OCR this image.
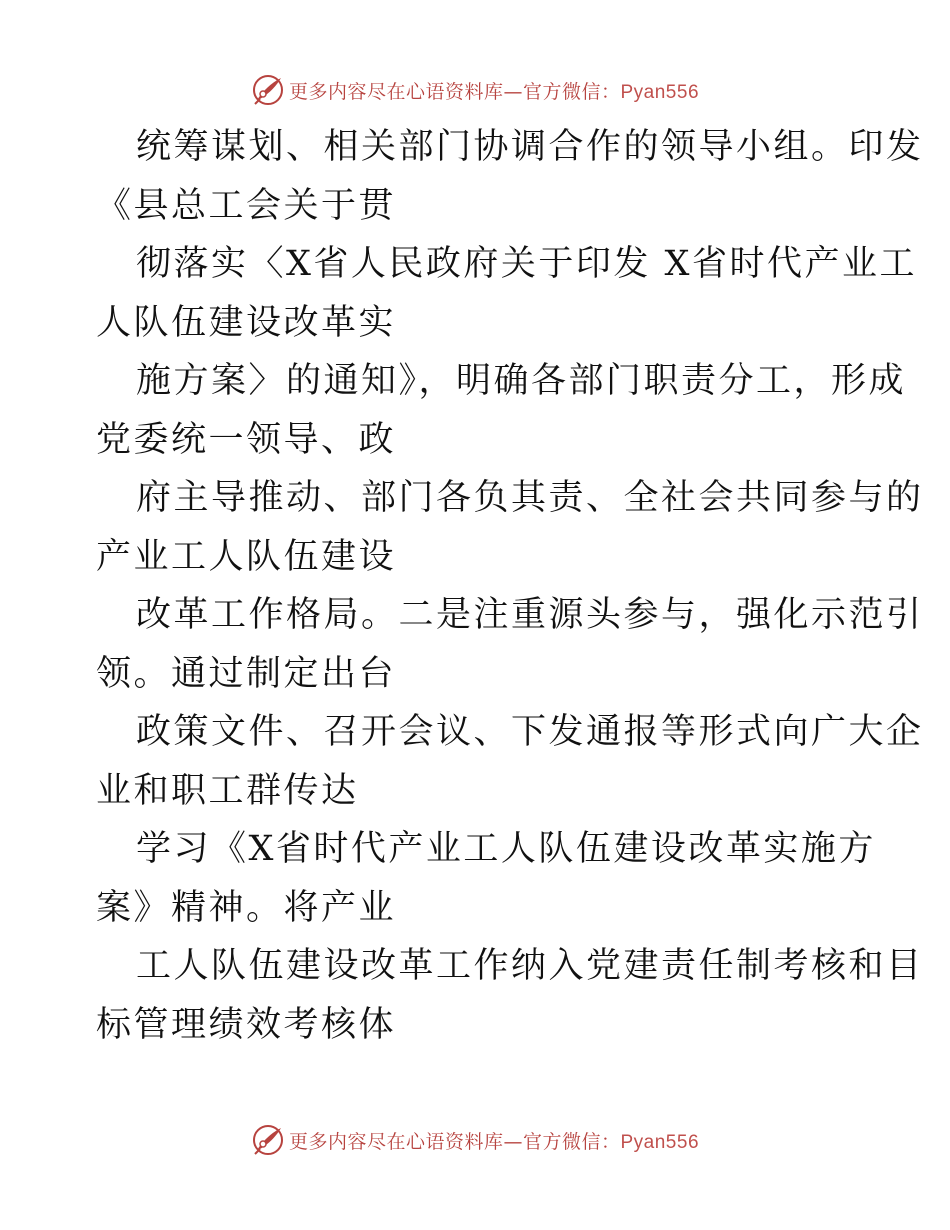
更多内容尽在心语资料库—官方微信：Pyan556
统筹谋划、相关部门协调合作的领导小组。印发
《县总工会关于贯
彻落实〈X省人民政府关于印发 X省时代产业工
人队伍建设改革实
施方案〉的通知》，明确各部门职责分工，形成
党委统一领导、政
府主导推动、部门各负其责、全社会共同参与的
产业工人队伍建设
改革工作格局。二是注重源头参与，强化示范引
领。通过制定出台
政策文件、召开会议、下发通报等形式向广大企
业和职工群传达
学习《X省时代产业工人队伍建设改革实施方
案》精神。将产业
工人队伍建设改革工作纳入党建责任制考核和目
标管理绩效考核体
更多内容尽在心语资料库—官方微信：Pyan556
